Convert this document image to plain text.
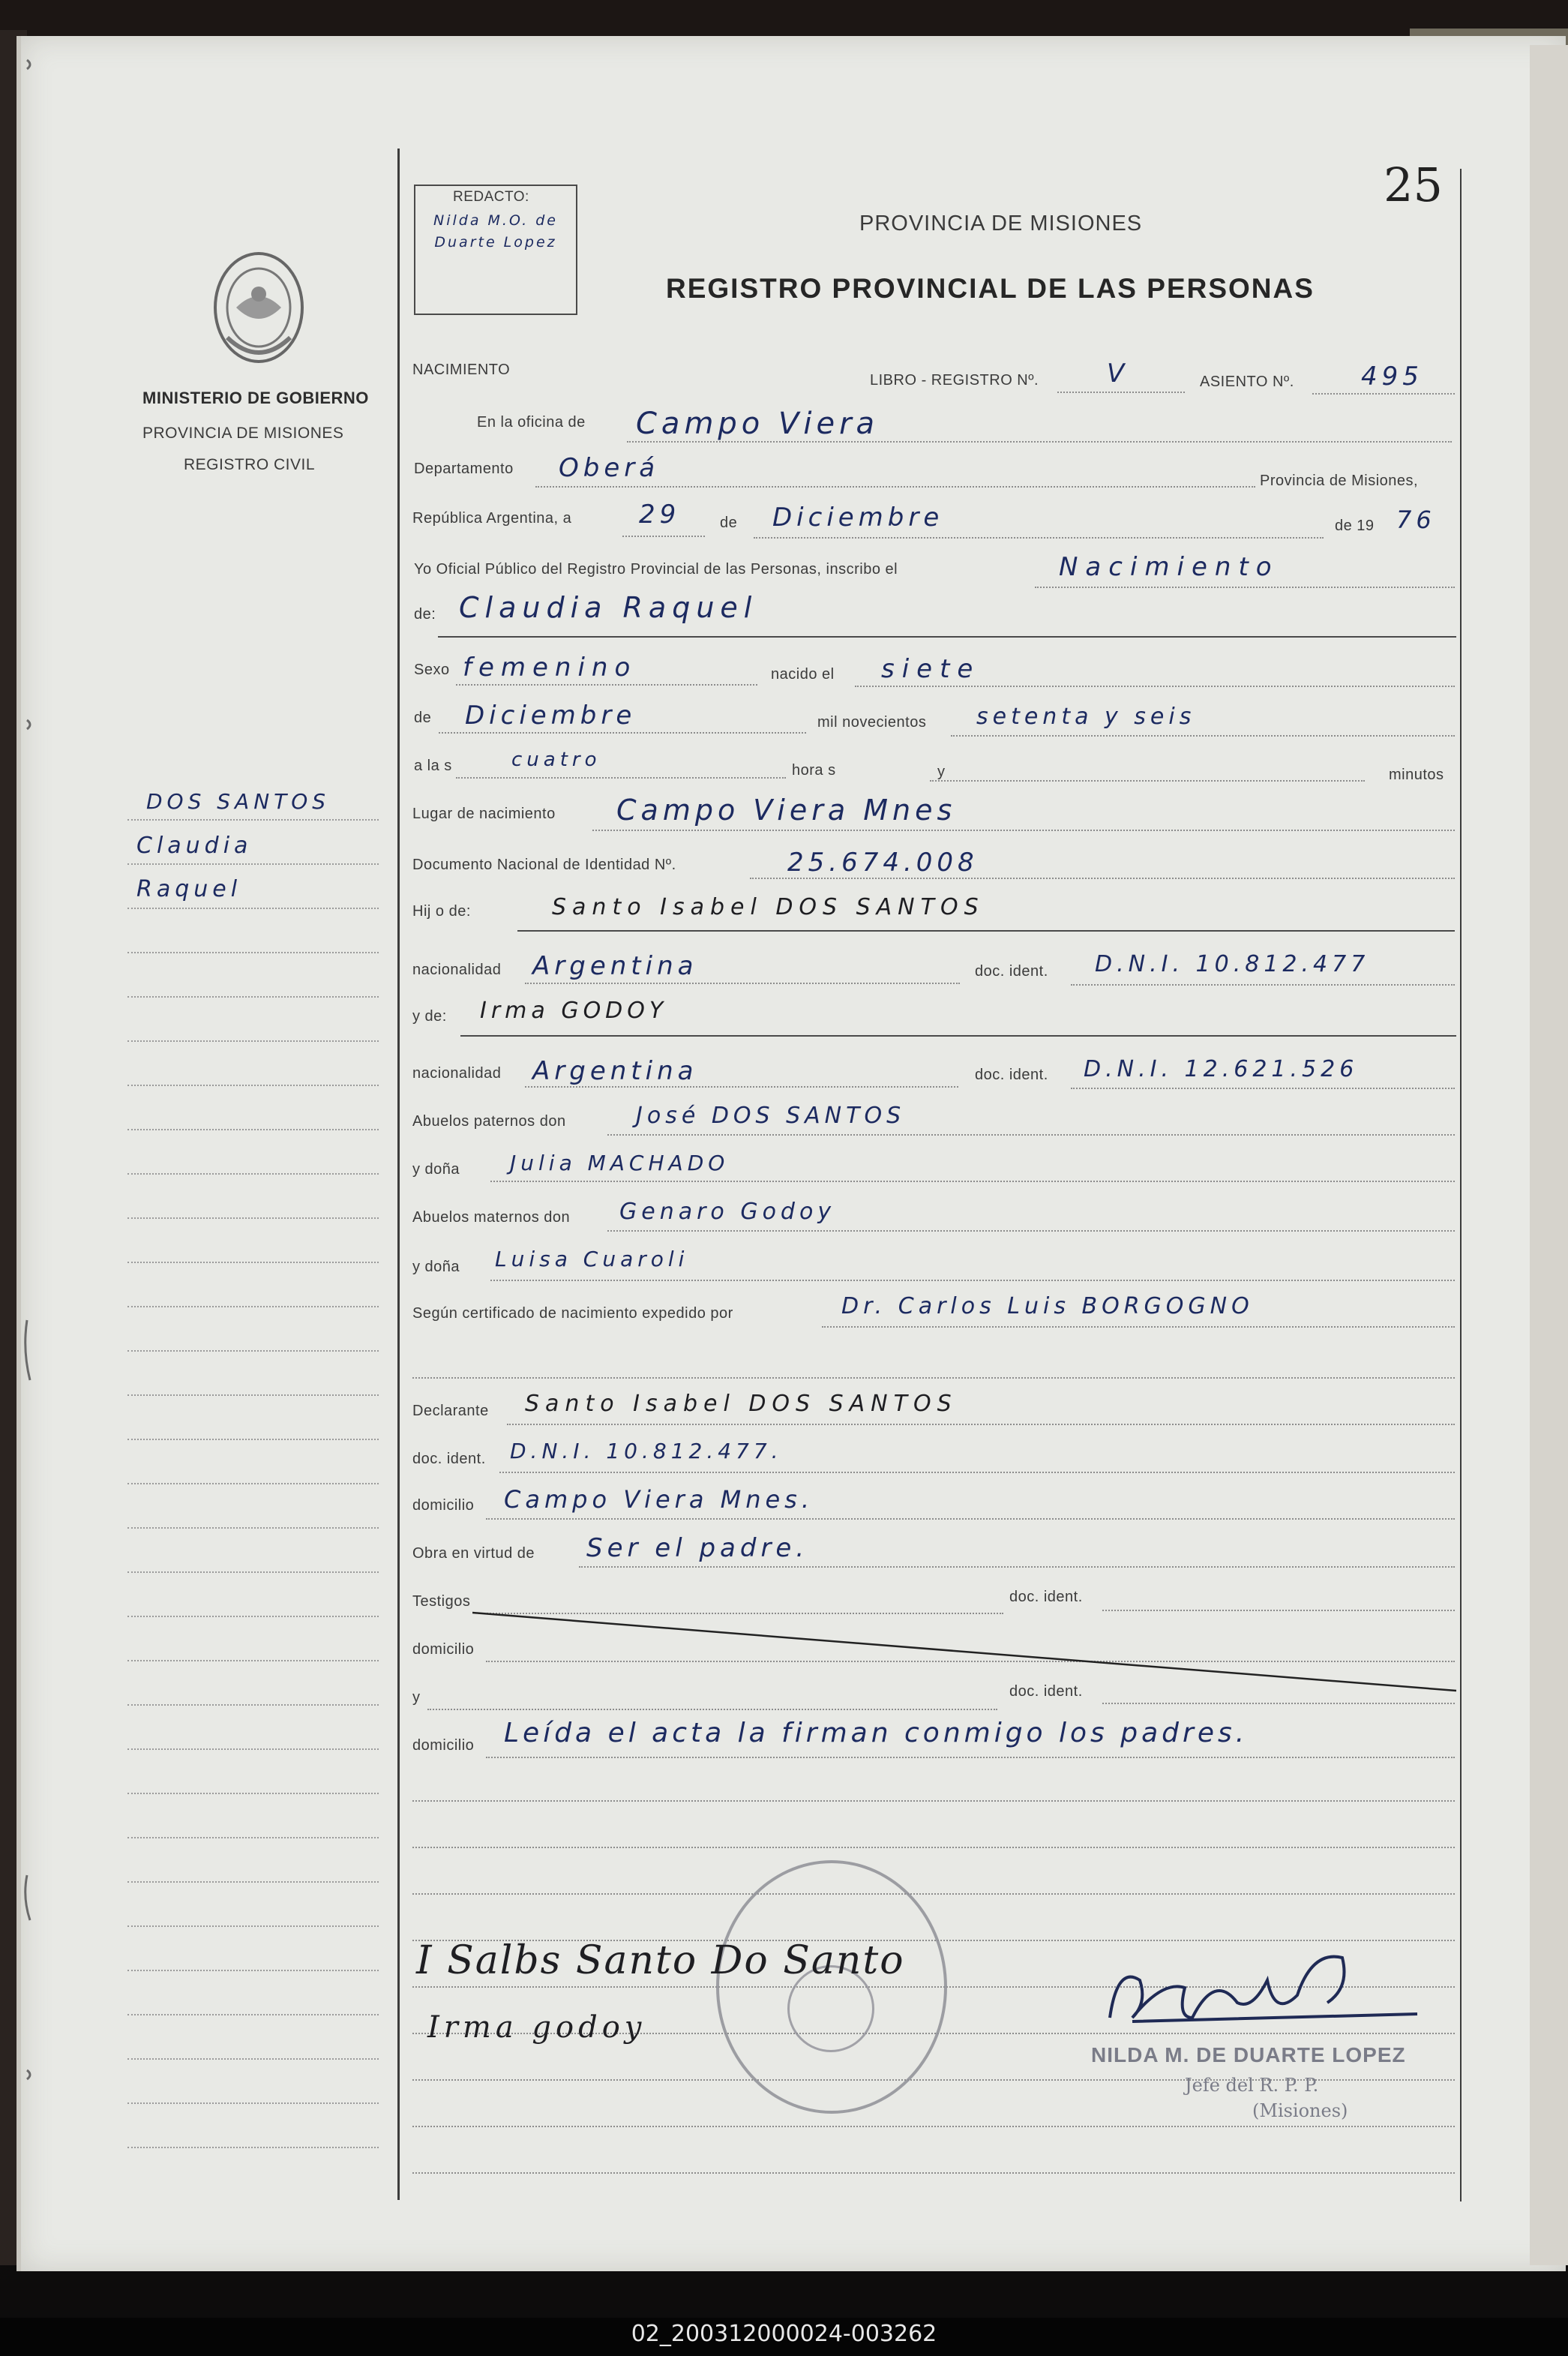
25
REDACTO:
Nilda M.O. de Duarte Lopez
PROVINCIA DE MISIONES
REGISTRO PROVINCIAL DE LAS PERSONAS
MINISTERIO DE GOBIERNO
PROVINCIA DE MISIONES
REGISTRO CIVIL
DOS SANTOS
Claudia
Raquel
NACIMIENTO
LIBRO - REGISTRO Nº.	V	ASIENTO Nº.	495
En la oficina de Campo Viera
Departamento Oberá	Provincia de Misiones,
República Argentina, a	29	de Diciembre	de 19 76
Yo Oficial Público del Registro Provincial de las Personas, inscribo el	Nacimiento
de: Claudia Raquel
Sexo femenino	nacido el siete
de Diciembre	mil novecientos setenta y seis
a la s	cuatro	hora s	y	minutos
Lugar de nacimiento Campo Viera Mnes
Documento Nacional de Identidad Nº.	25.674.008
Hij o de:	Santo Isabel DOS SANTOS
nacionalidad Argentina	doc. ident. D.N.I. 10.812.477
y de: Irma GODOY
nacionalidad Argentina	doc. ident. D.N.I. 12.621.526
Abuelos paternos don	José DOS SANTOS
y doña Julia MACHADO
Abuelos maternos don Genaro Godoy
y doña Luisa Cuaroli
Según certificado de nacimiento expedido por	Dr. Carlos Luis BORGOGNO
Declarante Santo Isabel DOS SANTOS
doc. ident. D.N.I. 10.812.477.
domicilio Campo Viera Mnes.
Obra en virtud de Ser el padre.
Testigos	doc. ident.
domicilio
y	doc. ident.
domicilio Leída el acta la firman conmigo los padres.
I Salbs Santo Do Santo
Irma godoy
NILDA M. DE DUARTE LOPEZ
Jefe del R. P. P.
(Misiones)
02_200312000024-003262
